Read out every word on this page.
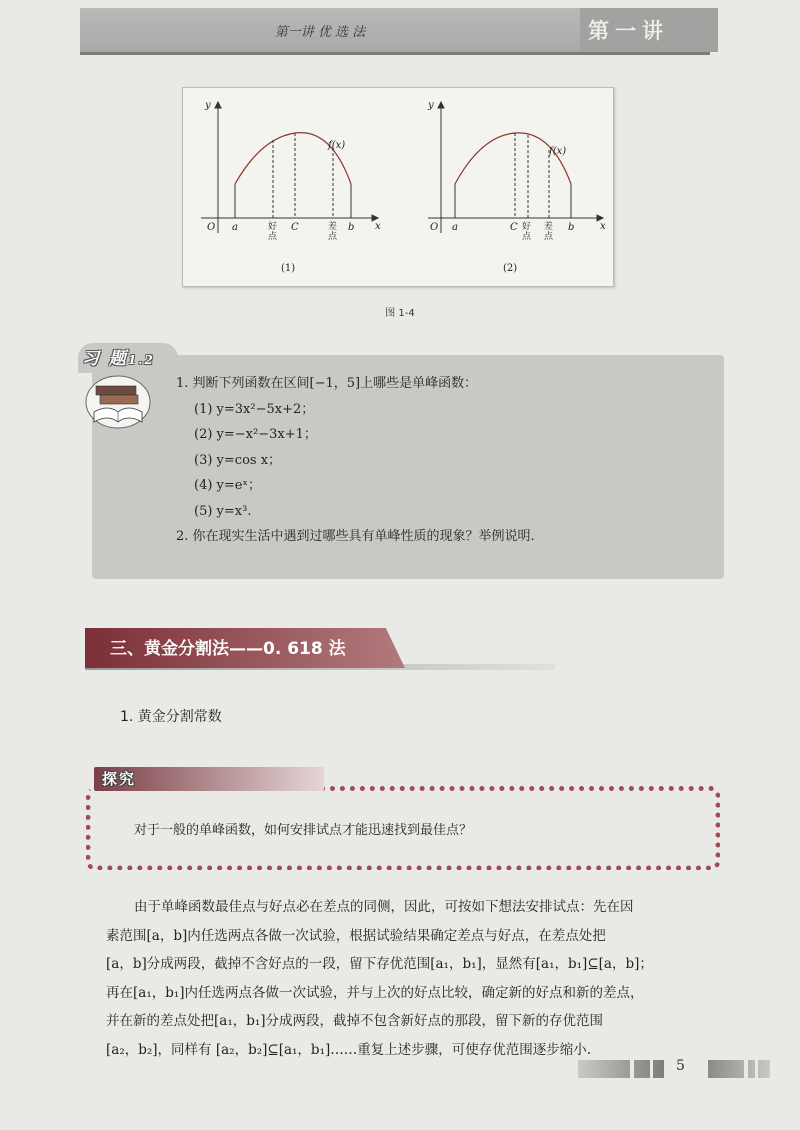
第一讲 优 选 法	第一讲
y
x
O
f(x)
a	好
点
C	差
点
b
(1)
y
x
O
f(x)
a	C 好
点
差
点
b
(2)
图 1-4
习 题1.2
1. 判断下列函数在区间[−1，5]上哪些是单峰函数：
(1) y=3x²−5x+2；
(2) y=−x²−3x+1；
(3) y=cos x；
(4) y=eˣ；
(5) y=x³.
2. 你在现实生活中遇到过哪些具有单峰性质的现象？举例说明.
三、黄金分割法——0. 618 法
1. 黄金分割常数
探究
对于一般的单峰函数，如何安排试点才能迅速找到最佳点？

由于单峰函数最佳点与好点必在差点的同侧，因此，可按如下想法安排试点：先在因

素范围[a，b]内任选两点各做一次试验，根据试验结果确定差点与好点，在差点处把

[a，b]分成两段，截掉不含好点的一段，留下存优范围[a₁，b₁]，显然有[a₁，b₁]⊆[a，b]；

再在[a₁，b₁]内任选两点各做一次试验，并与上次的好点比较，确定新的好点和新的差点，

并在新的差点处把[a₁，b₁]分成两段，截掉不包含新好点的那段，留下新的存优范围

[a₂，b₂]，同样有 [a₂，b₂]⊆[a₁，b₁]……重复上述步骤，可使存优范围逐步缩小.

5
